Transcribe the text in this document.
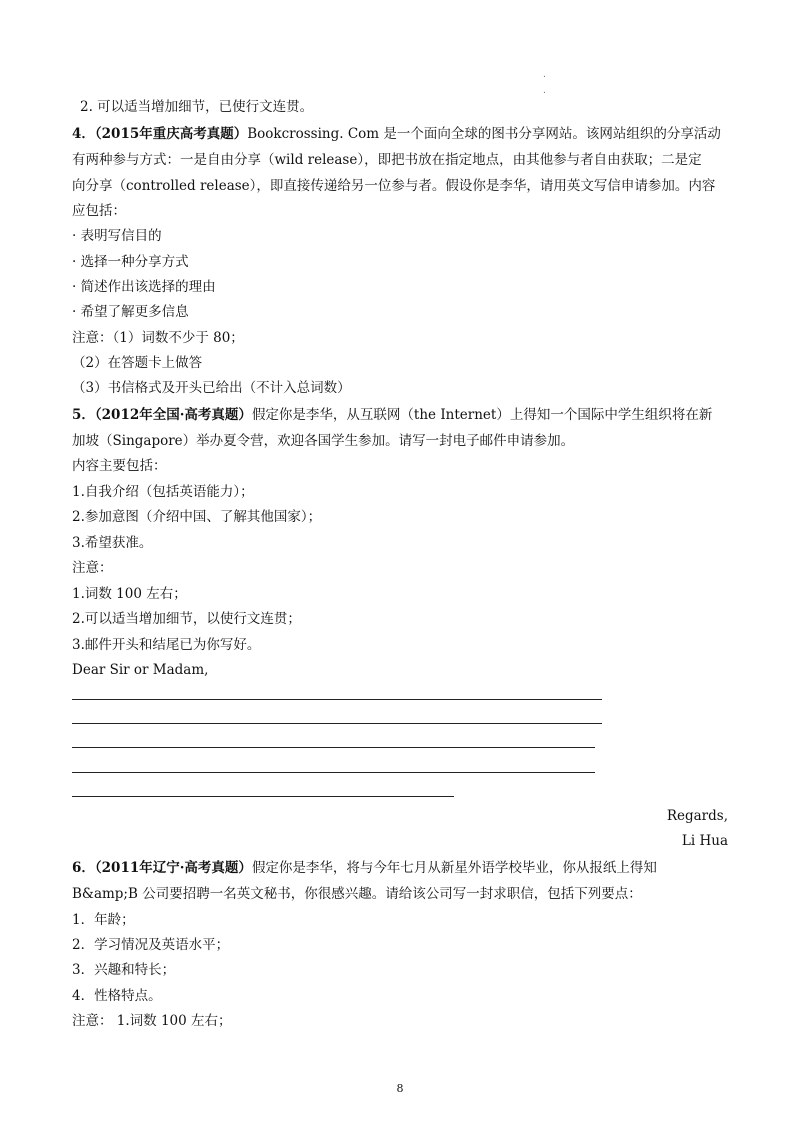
.
.
2. 可以适当增加细节，已使行文连贯。
4．（2015年重庆高考真题）Bookcrossing. Com 是一个面向全球的图书分享网站。该网站组织的分享活动
有两种参与方式：一是自由分享（wild release），即把书放在指定地点，由其他参与者自由获取；二是定
向分享（controlled release），即直接传递给另一位参与者。假设你是李华，请用英文写信申请参加。内容
应包括：
· 表明写信目的
· 选择一种分享方式
· 简述作出该选择的理由
· 希望了解更多信息
注意：（1）词数不少于 80；
（2）在答题卡上做答
（3）书信格式及开头已给出（不计入总词数）
5．（2012年全国·高考真题）假定你是李华，从互联网（the Internet）上得知一个国际中学生组织将在新
加坡（Singapore）举办夏令营，欢迎各国学生参加。请写一封电子邮件申请参加。
内容主要包括：
1.自我介绍（包括英语能力）；
2.参加意图（介绍中国、了解其他国家）；
3.希望获准。
注意：
1.词数 100 左右；
2.可以适当增加细节，以使行文连贯；
3.邮件开头和结尾已为你写好。
Dear Sir or Madam,
Regards,
Li Hua
6．（2011年辽宁·高考真题）假定你是李华，将与今年七月从新星外语学校毕业，你从报纸上得知
B&amp;B 公司要招聘一名英文秘书，你很感兴趣。请给该公司写一封求职信，包括下列要点：
1．年龄；
2．学习情况及英语水平；
3．兴趣和特长；
4．性格特点。
注意： 1.词数 100 左右；
8
